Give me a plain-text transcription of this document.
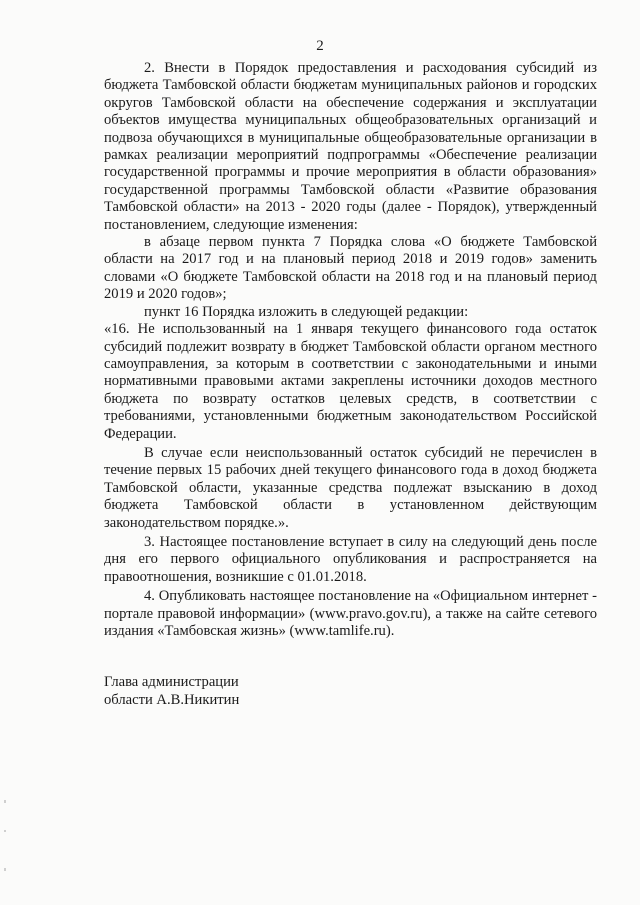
2

2. Внести в Порядок предоставления и расходования субсидий из бюджета Тамбовской области бюджетам муниципальных районов и городских округов Тамбовской области на обеспечение содержания и эксплуатации объектов имущества муниципальных общеобразовательных организаций и подвоза обучающихся в муниципальные общеобразовательные организации в рамках реализации мероприятий подпрограммы «Обеспечение реализации государственной программы и прочие мероприятия в области образования» государственной программы Тамбовской области «Развитие образования Тамбовской области» на 2013 - 2020 годы (далее - Порядок), утвержденный постановлением, следующие изменения:

в абзаце первом пункта 7 Порядка слова «О бюджете Тамбовской области на 2017 год и на плановый период 2018 и 2019 годов» заменить словами «О бюджете Тамбовской области на 2018 год и на плановый период 2019 и 2020 годов»;

пункт 16 Порядка изложить в следующей редакции:

«16. Не использованный на 1 января текущего финансового года остаток субсидий подлежит возврату в бюджет Тамбовской области органом местного самоуправления, за которым в соответствии с законодательными и иными нормативными правовыми актами закреплены источники доходов местного бюджета по возврату остатков целевых средств, в соответствии с требованиями, установленными бюджетным законодательством Российской Федерации.

В случае если неиспользованный остаток субсидий не перечислен в течение первых 15 рабочих дней текущего финансового года в доход бюджета Тамбовской области, указанные средства подлежат взысканию в доход бюджета Тамбовской области в установленном действующим законодательством порядке.».

3. Настоящее постановление вступает в силу на следующий день после дня его первого официального опубликования и распространяется на правоотношения, возникшие с 01.01.2018.

4. Опубликовать настоящее постановление на «Официальном интернет - портале правовой информации» (www.pravo.gov.ru), а также на сайте сетевого издания «Тамбовская жизнь» (www.tamlife.ru).

Глава администрации
области А.В.Никитин
